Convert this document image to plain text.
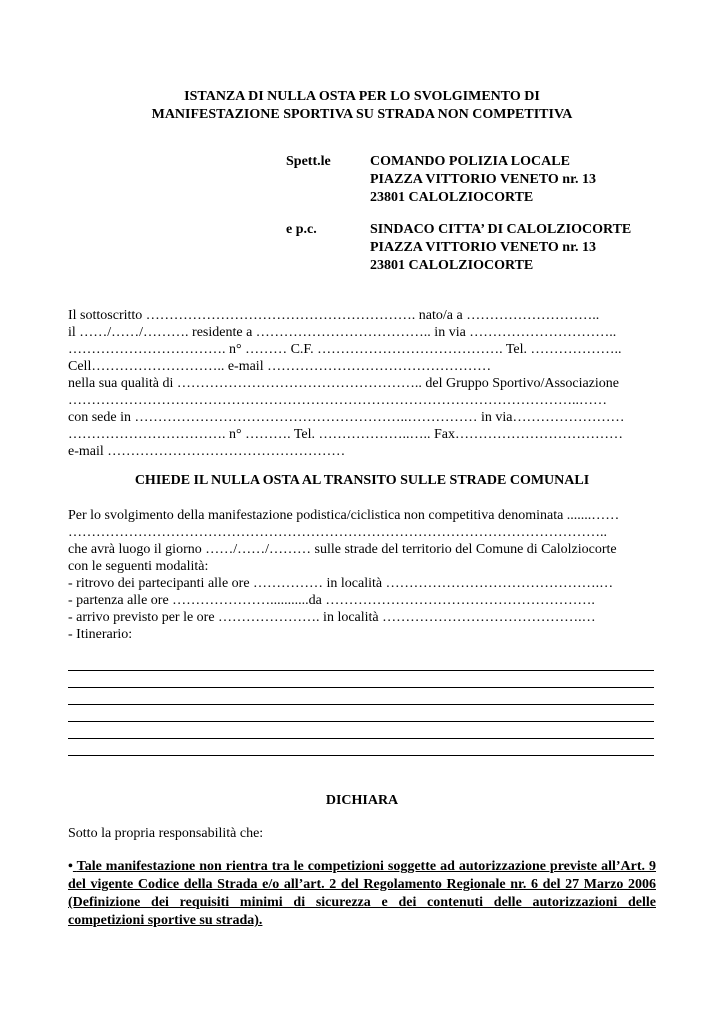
ISTANZA DI NULLA OSTA PER LO SVOLGIMENTO DI
MANIFESTAZIONE SPORTIVA SU STRADA NON COMPETITIVA
Spett.le	COMANDO POLIZIA LOCALE
PIAZZA VITTORIO VENETO nr. 13
23801 CALOLZIOCORTE
e p.c.	SINDACO CITTA’ DI CALOLZIOCORTE
PIAZZA VITTORIO VENETO nr. 13
23801 CALOLZIOCORTE
Il sottoscritto …………………………………………………. nato/a a ………………………..
il ……/……/………. residente a ……………………………….. in via …………………………..
……………………………. n° ……… C.F. …………………………………. Tel. ………………..
Cell……………………….. e-mail …………………………………………
nella sua qualità di …………………………………………….. del Gruppo Sportivo/Associazione
………………………………………………………………………………………………..……
con sede in …………………………………………………..…………… in via……………………
……………………………. n° ………. Tel. ………………..….. Fax………………………………
e-mail ……………………………………………
CHIEDE IL NULLA OSTA AL TRANSITO SULLE STRADE COMUNALI
Per lo svolgimento della manifestazione podistica/ciclistica non competitiva denominata .......……
……………………………………………………………………………………………………..
che avrà luogo il giorno ……/……/……… sulle strade del territorio del Comune di Calolziocorte
con le seguenti modalità:
- ritrovo dei partecipanti alle ore …………… in località ……………………………………….…
- partenza alle ore …………………...........da ………………………………………………….
- arrivo previsto per le ore …………………. in località …………………………………….…
- Itinerario:
DICHIARA
Sotto la propria responsabilità che:
• Tale manifestazione non rientra tra le competizioni soggette ad autorizzazione previste all’Art. 9 del vigente Codice della Strada e/o all’art. 2 del Regolamento Regionale nr. 6 del 27 Marzo 2006 (Definizione dei requisiti minimi di sicurezza e dei contenuti delle autorizzazioni delle competizioni sportive su strada).
